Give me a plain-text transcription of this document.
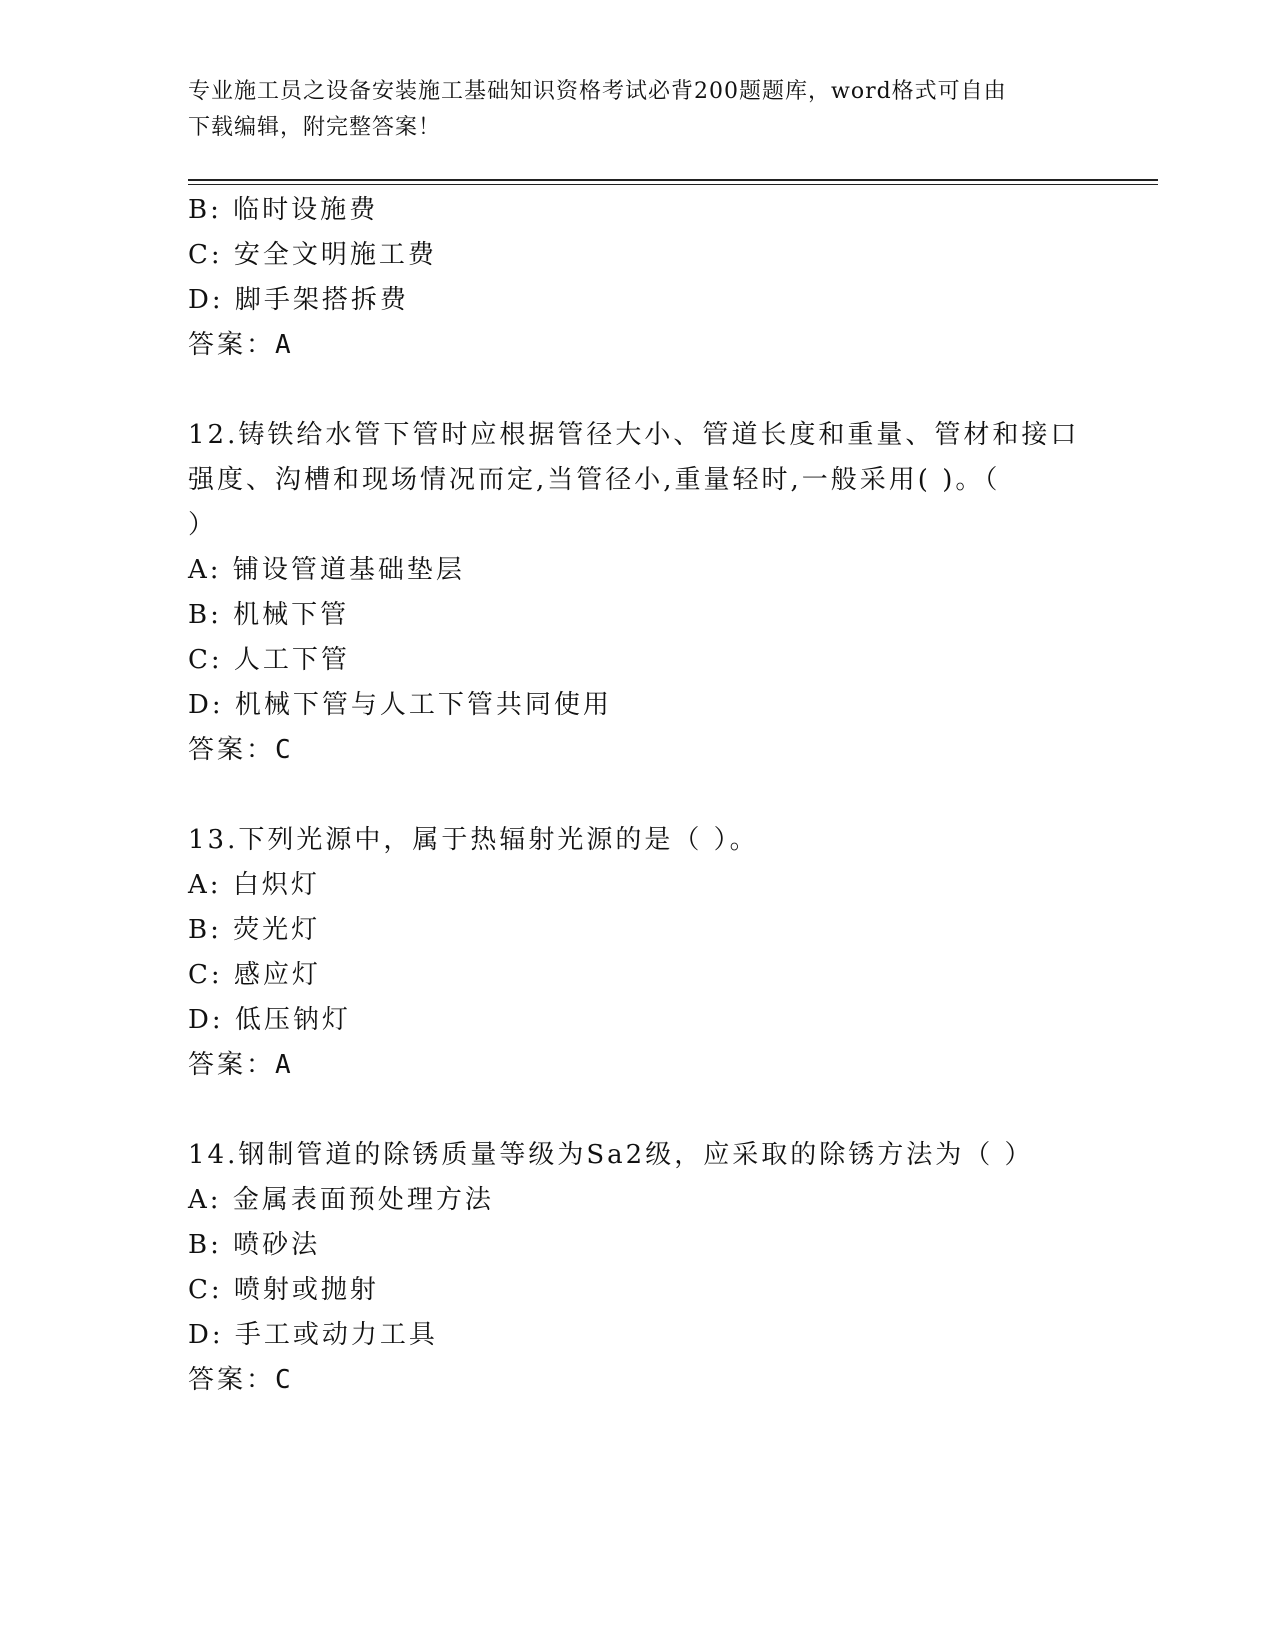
专业施工员之设备安装施工基础知识资格考试必背200题题库，word格式可自由
下载编辑，附完整答案！
B: 临时设施费
C: 安全文明施工费
D: 脚手架搭拆费
答案：A
12.铸铁给水管下管时应根据管径大小、管道长度和重量、管材和接口
强度、沟槽和现场情况而定,当管径小,重量轻时,一般采用( )。（
）
A: 铺设管道基础垫层
B: 机械下管
C: 人工下管
D: 机械下管与人工下管共同使用
答案：C
13.下列光源中，属于热辐射光源的是（ ）。
A: 白炽灯
B: 荧光灯
C: 感应灯
D: 低压钠灯
答案：A
14.钢制管道的除锈质量等级为Sa2级，应采取的除锈方法为（ ）
A: 金属表面预处理方法
B: 喷砂法
C: 喷射或抛射
D: 手工或动力工具
答案：C
